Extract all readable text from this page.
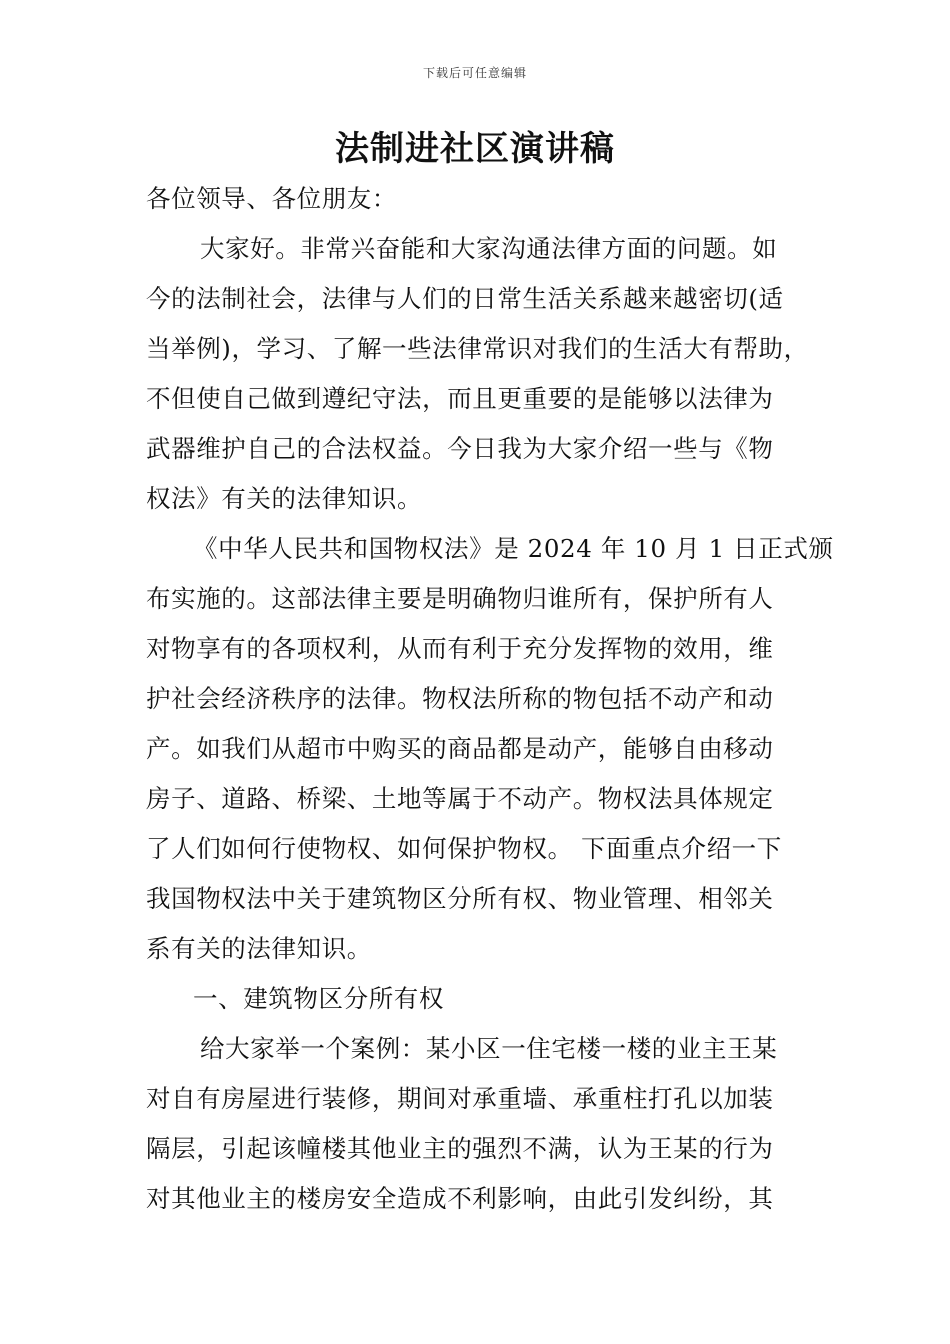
下载后可任意编辑
法制进社区演讲稿
各位领导、各位朋友：
大家好。非常兴奋能和大家沟通法律方面的问题。如
今的法制社会，法律与人们的日常生活关系越来越密切(适
当举例)，学习、了解一些法律常识对我们的生活大有帮助，
不但使自己做到遵纪守法，而且更重要的是能够以法律为
武器维护自己的合法权益。今日我为大家介绍一些与《物
权法》有关的法律知识。
《中华人民共和国物权法》是 2024 年 10 月 1 日正式颁
布实施的。这部法律主要是明确物归谁所有，保护所有人
对物享有的各项权利，从而有利于充分发挥物的效用，维
护社会经济秩序的法律。物权法所称的物包括不动产和动
产。如我们从超市中购买的商品都是动产，能够自由移动
房子、道路、桥梁、土地等属于不动产。物权法具体规定
了人们如何行使物权、如何保护物权。 下面重点介绍一下
我国物权法中关于建筑物区分所有权、物业管理、相邻关
系有关的法律知识。
一、建筑物区分所有权
给大家举一个案例：某小区一住宅楼一楼的业主王某
对自有房屋进行装修，期间对承重墙、承重柱打孔以加装
隔层，引起该幢楼其他业主的强烈不满，认为王某的行为
对其他业主的楼房安全造成不利影响，由此引发纠纷，其
